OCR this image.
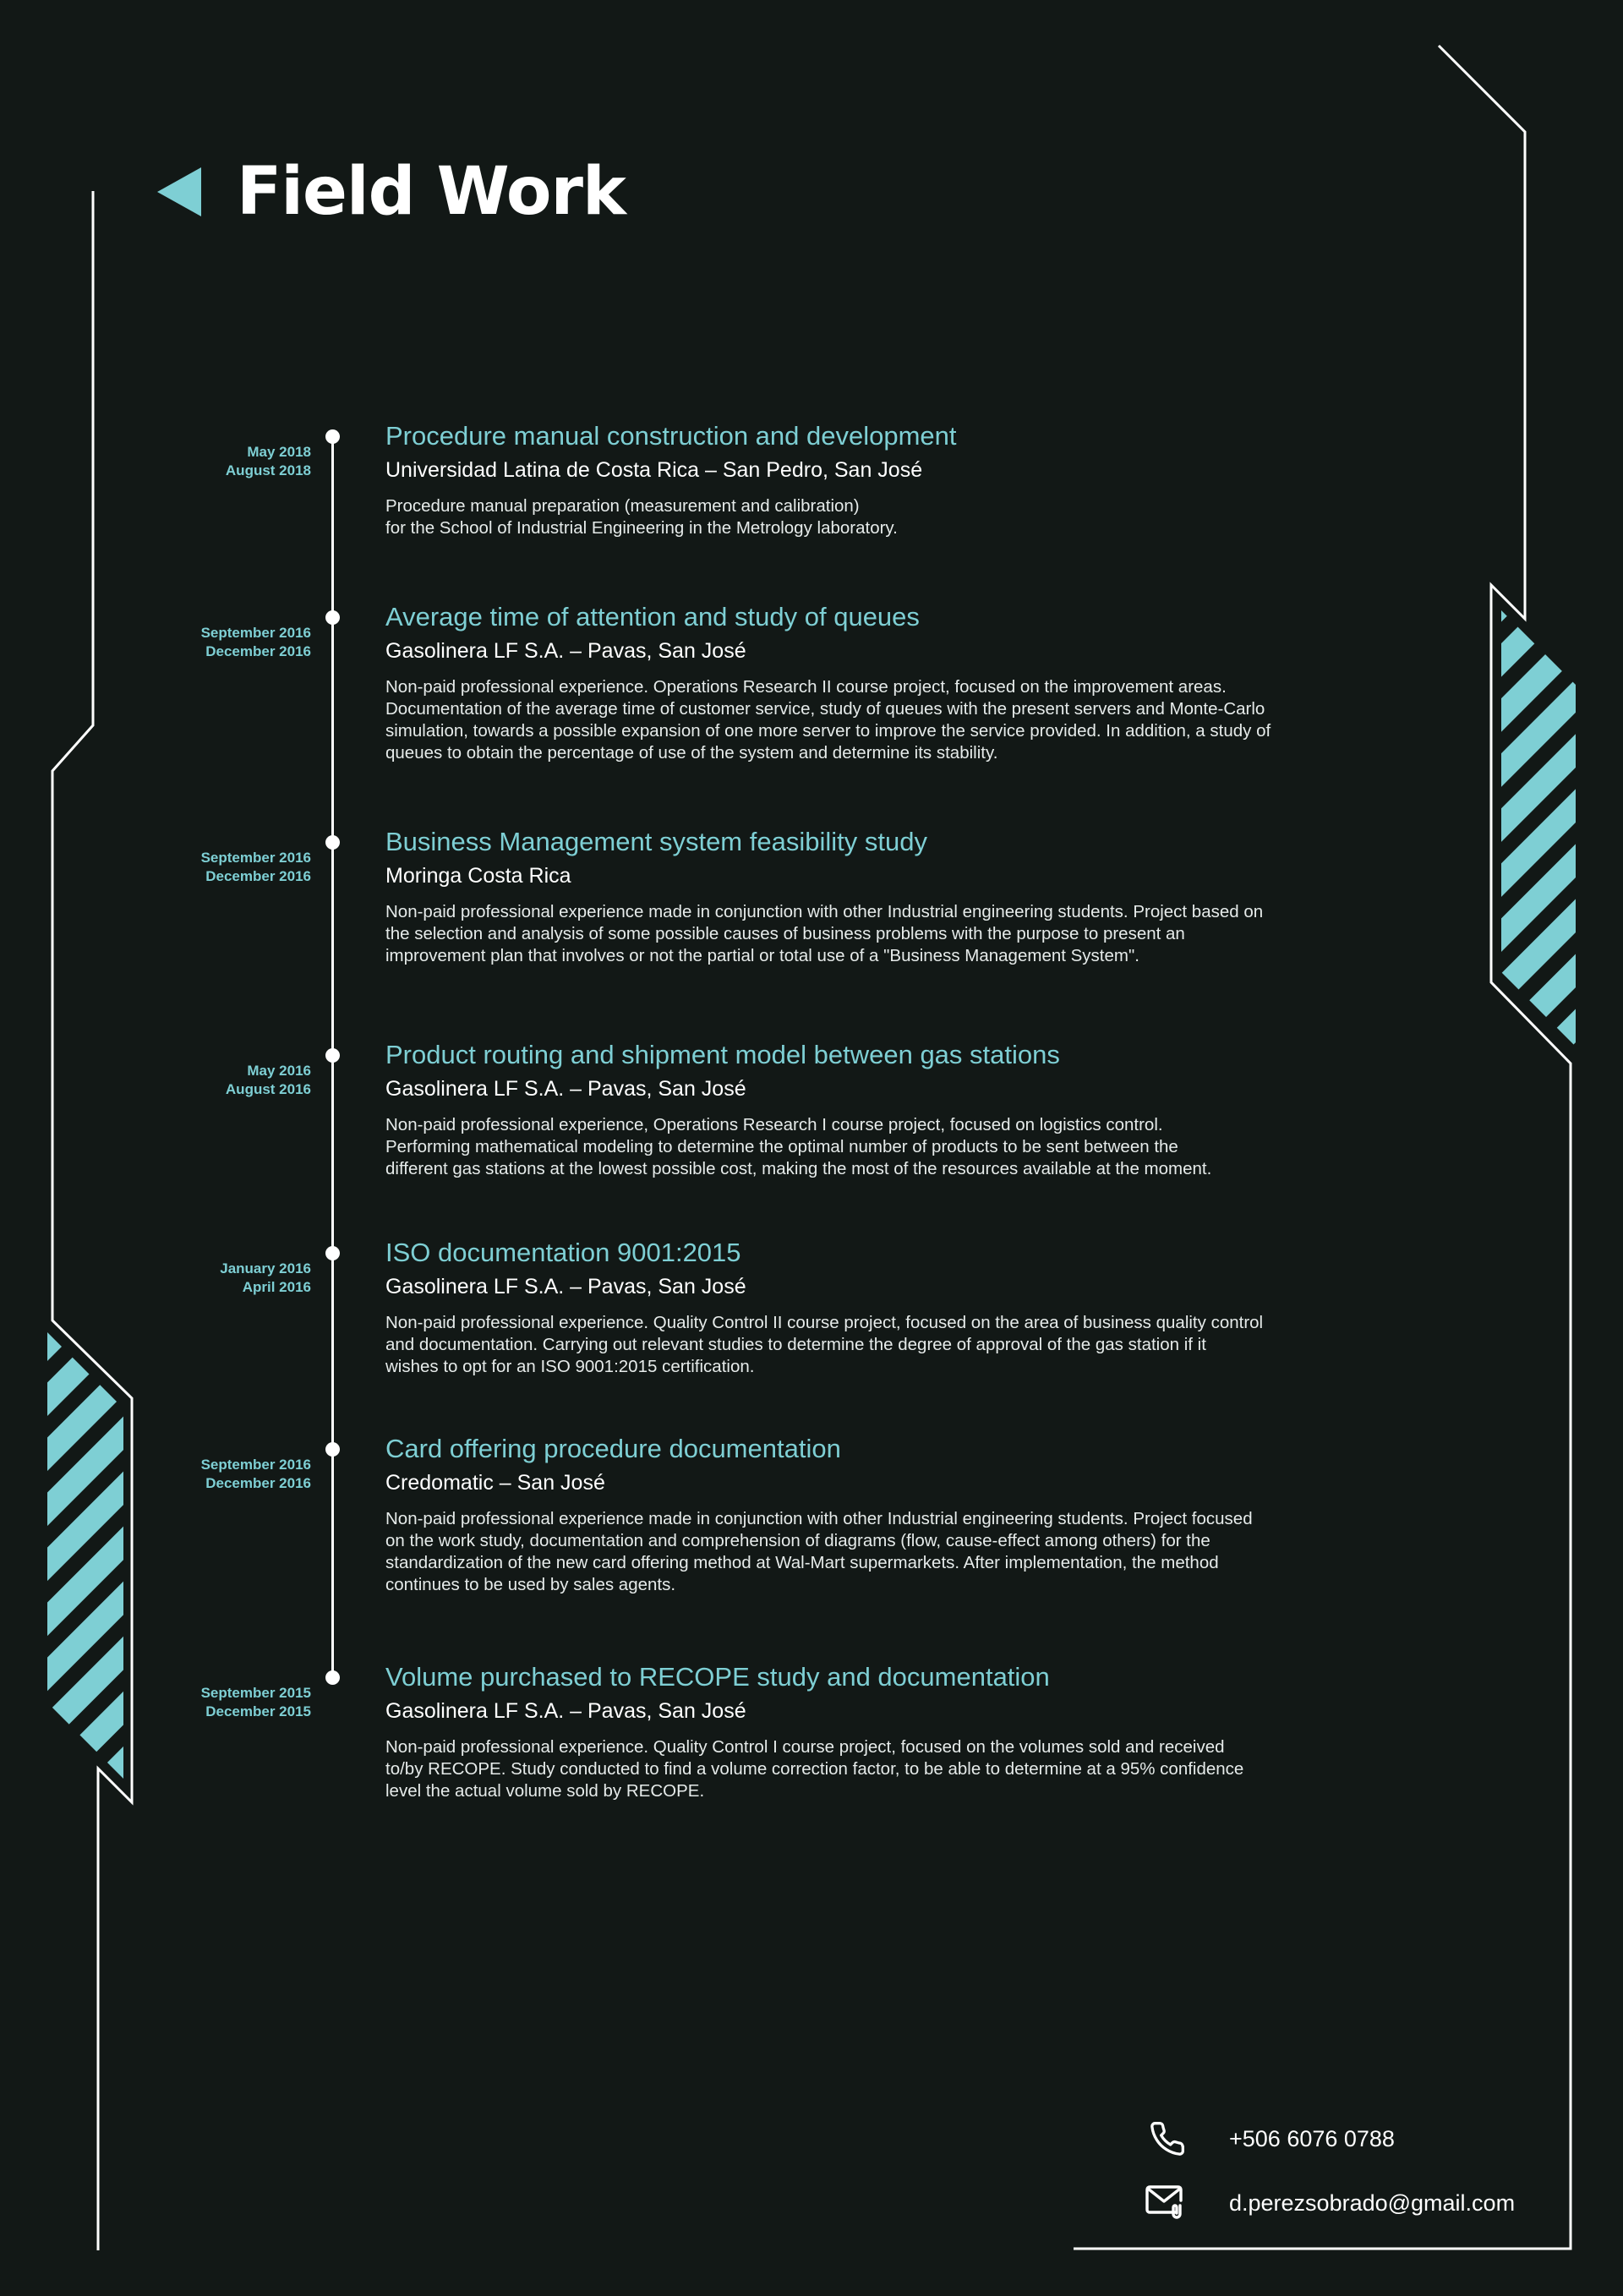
Field Work
May 2018
August 2018
Procedure manual construction and development
Universidad Latina de Costa Rica – San Pedro, San José
Procedure manual preparation (measurement and calibration)
for the School of Industrial Engineering in the Metrology laboratory.
September 2016
December 2016
Average time of attention and study of queues
Gasolinera LF S.A. – Pavas, San José
Non-paid professional experience. Operations Research II course project, focused on the improvement areas.
Documentation of the average time of customer service, study of queues with the present servers and Monte-Carlo
simulation, towards a possible expansion of one more server to improve the service provided. In addition, a study of
queues to obtain the percentage of use of the system and determine its stability.
September 2016
December 2016
Business Management system feasibility study
Moringa Costa Rica
Non-paid professional experience made in conjunction with other Industrial engineering students. Project based on
the selection and analysis of some possible causes of business problems with the purpose to present an
improvement plan that involves or not the partial or total use of a "Business Management System".
May 2016
August 2016
Product routing and shipment model between gas stations
Gasolinera LF S.A. – Pavas, San José
Non-paid professional experience, Operations Research I course project, focused on logistics control.
Performing mathematical modeling to determine the optimal number of products to be sent between the
different gas stations at the lowest possible cost, making the most of the resources available at the moment.
January 2016
April 2016
ISO documentation 9001:2015
Gasolinera LF S.A. – Pavas, San José
Non-paid professional experience. Quality Control II course project, focused on the area of business quality control
and documentation. Carrying out relevant studies to determine the degree of approval of the gas station if it
wishes to opt for an ISO 9001:2015 certification.
September 2016
December 2016
Card offering procedure documentation
Credomatic – San José
Non-paid professional experience made in conjunction with other Industrial engineering students. Project focused
on the work study, documentation and comprehension of diagrams (flow, cause-effect among others) for the
standardization of the new card offering method at Wal-Mart supermarkets. After implementation, the method
continues to be used by sales agents.
September 2015
December 2015
Volume purchased to RECOPE study and documentation
Gasolinera LF S.A. – Pavas, San José
Non-paid professional experience. Quality Control I course project, focused on the volumes sold and received
to/by RECOPE. Study conducted to find a volume correction factor, to be able to determine at a 95% confidence
level the actual volume sold by RECOPE.
+506 6076 0788
d.perezsobrado@gmail.com
